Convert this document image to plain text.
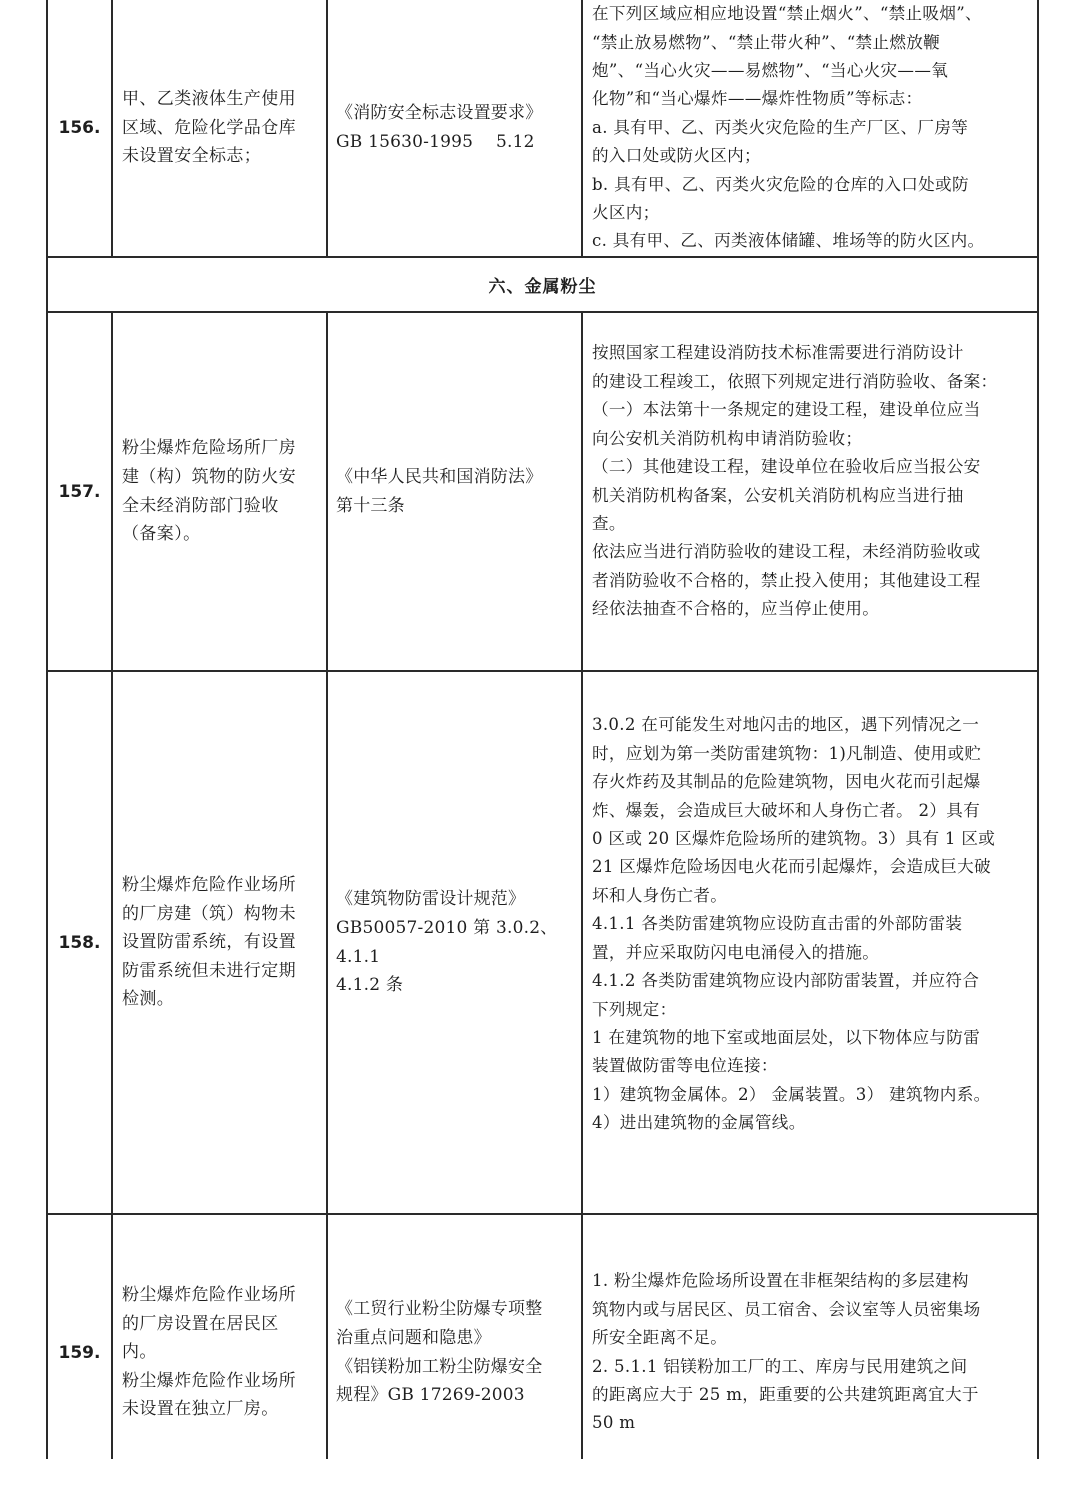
156.
甲、乙类液体生产使用
区域、危险化学品仓库
未设置安全标志；
《消防安全标志设置要求》
GB 15630-1995　 5.12
在下列区域应相应地设置“禁止烟火”、“禁止吸烟”、
“禁止放易燃物”、“禁止带火种”、“禁止燃放鞭
炮”、“当心火灾——易燃物”、“当心火灾——氧
化物”和“当心爆炸——爆炸性物质”等标志：
a. 具有甲、乙、丙类火灾危险的生产厂区、厂房等
的入口处或防火区内；
b. 具有甲、乙、丙类火灾危险的仓库的入口处或防
火区内；
c. 具有甲、乙、丙类液体储罐、堆场等的防火区内。
六、金属粉尘
157.
粉尘爆炸危险场所厂房
建（构）筑物的防火安
全未经消防部门验收
（备案）。
《中华人民共和国消防法》
第十三条
按照国家工程建设消防技术标准需要进行消防设计
的建设工程竣工，依照下列规定进行消防验收、备案：
（一）本法第十一条规定的建设工程，建设单位应当
向公安机关消防机构申请消防验收；
（二）其他建设工程，建设单位在验收后应当报公安
机关消防机构备案，公安机关消防机构应当进行抽
查。
依法应当进行消防验收的建设工程，未经消防验收或
者消防验收不合格的，禁止投入使用；其他建设工程
经依法抽查不合格的，应当停止使用。
158.
粉尘爆炸危险作业场所
的厂房建（筑）构物未
设置防雷系统，有设置
防雷系统但未进行定期
检测。
《建筑物防雷设计规范》
GB50057-2010 第 3.0.2、
4.1.1
4.1.2 条
3.0.2 在可能发生对地闪击的地区，遇下列情况之一
时，应划为第一类防雷建筑物：1)凡制造、使用或贮
存火炸药及其制品的危险建筑物，因电火花而引起爆
炸、爆轰，会造成巨大破坏和人身伤亡者。 2）具有
0 区或 20 区爆炸危险场所的建筑物。3）具有 1 区或
21 区爆炸危险场因电火花而引起爆炸，会造成巨大破
坏和人身伤亡者。
4.1.1 各类防雷建筑物应设防直击雷的外部防雷装
置，并应采取防闪电电涌侵入的措施。
4.1.2 各类防雷建筑物应设内部防雷装置，并应符合
下列规定：
1 在建筑物的地下室或地面层处，以下物体应与防雷
装置做防雷等电位连接：
1）建筑物金属体。2） 金属装置。3） 建筑物内系。
4）进出建筑物的金属管线。
159.
粉尘爆炸危险作业场所
的厂房设置在居民区
内。
粉尘爆炸危险作业场所
未设置在独立厂房。
《工贸行业粉尘防爆专项整
治重点问题和隐患》
《铝镁粉加工粉尘防爆安全
规程》GB 17269-2003
1. 粉尘爆炸危险场所设置在非框架结构的多层建构
筑物内或与居民区、员工宿舍、会议室等人员密集场
所安全距离不足。
2. 5.1.1 铝镁粉加工厂的工、库房与民用建筑之间
的距离应大于 25 m，距重要的公共建筑距离宜大于
50 m
